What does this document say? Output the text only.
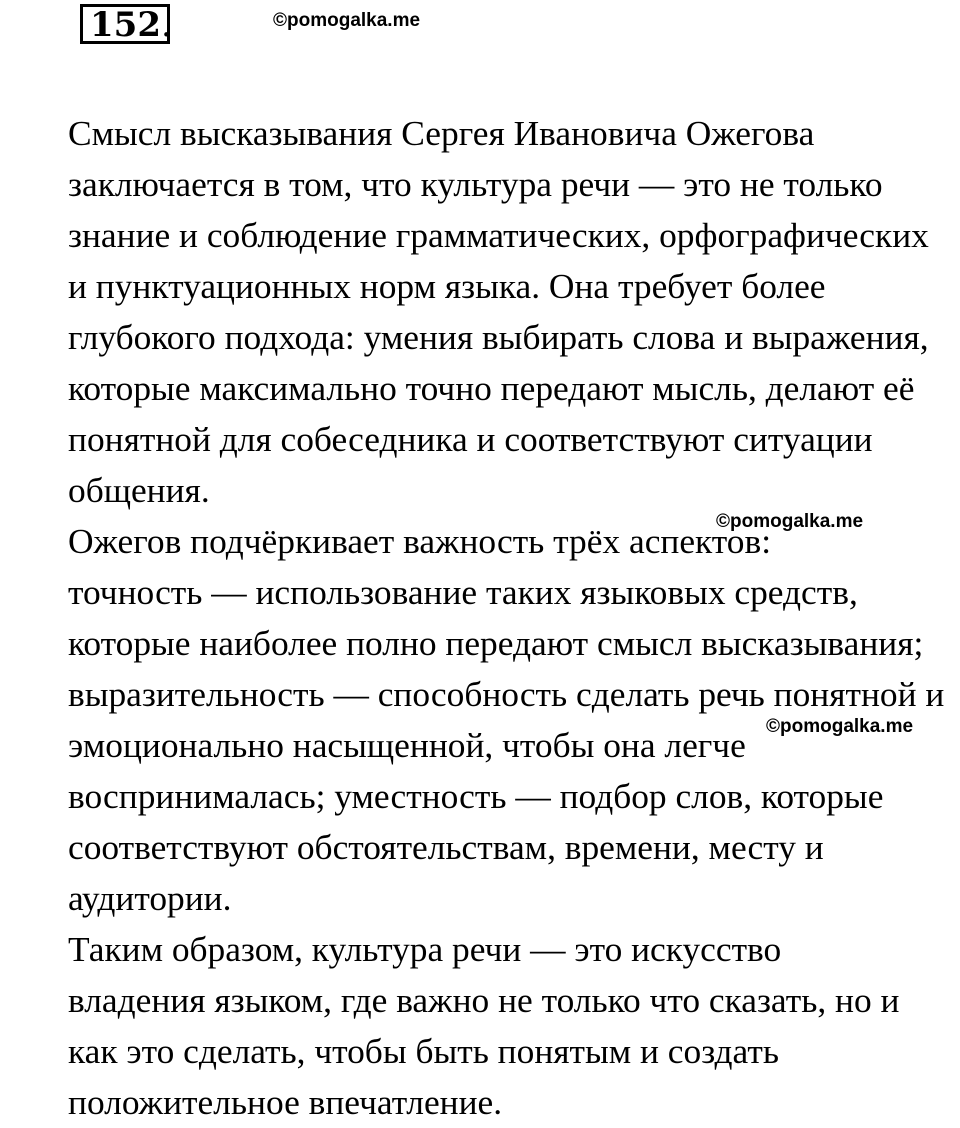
152.	©pomogalka.me

Смысл высказывания Сергея Ивановича Ожегова
заключается в том, что культура речи — это не только
знание и соблюдение грамматических, орфографических
и пунктуационных норм языка. Она требует более
глубокого подхода: умения выбирать слова и выражения,
которые максимально точно передают мысль, делают её
понятной для собеседника и соответствуют ситуации
общения.

Ожегов подчёркивает важность трёх аспектов:
точность — использование таких языковых средств,
которые наиболее полно передают смысл высказывания;
выразительность — способность сделать речь понятной и
эмоционально насыщенной, чтобы она легче
воспринималась; уместность — подбор слов, которые
соответствуют обстоятельствам, времени, месту и
аудитории.

Таким образом, культура речи — это искусство
владения языком, где важно не только что сказать, но и
как это сделать, чтобы быть понятым и создать
положительное впечатление.

©pomogalka.me
©pomogalka.me
